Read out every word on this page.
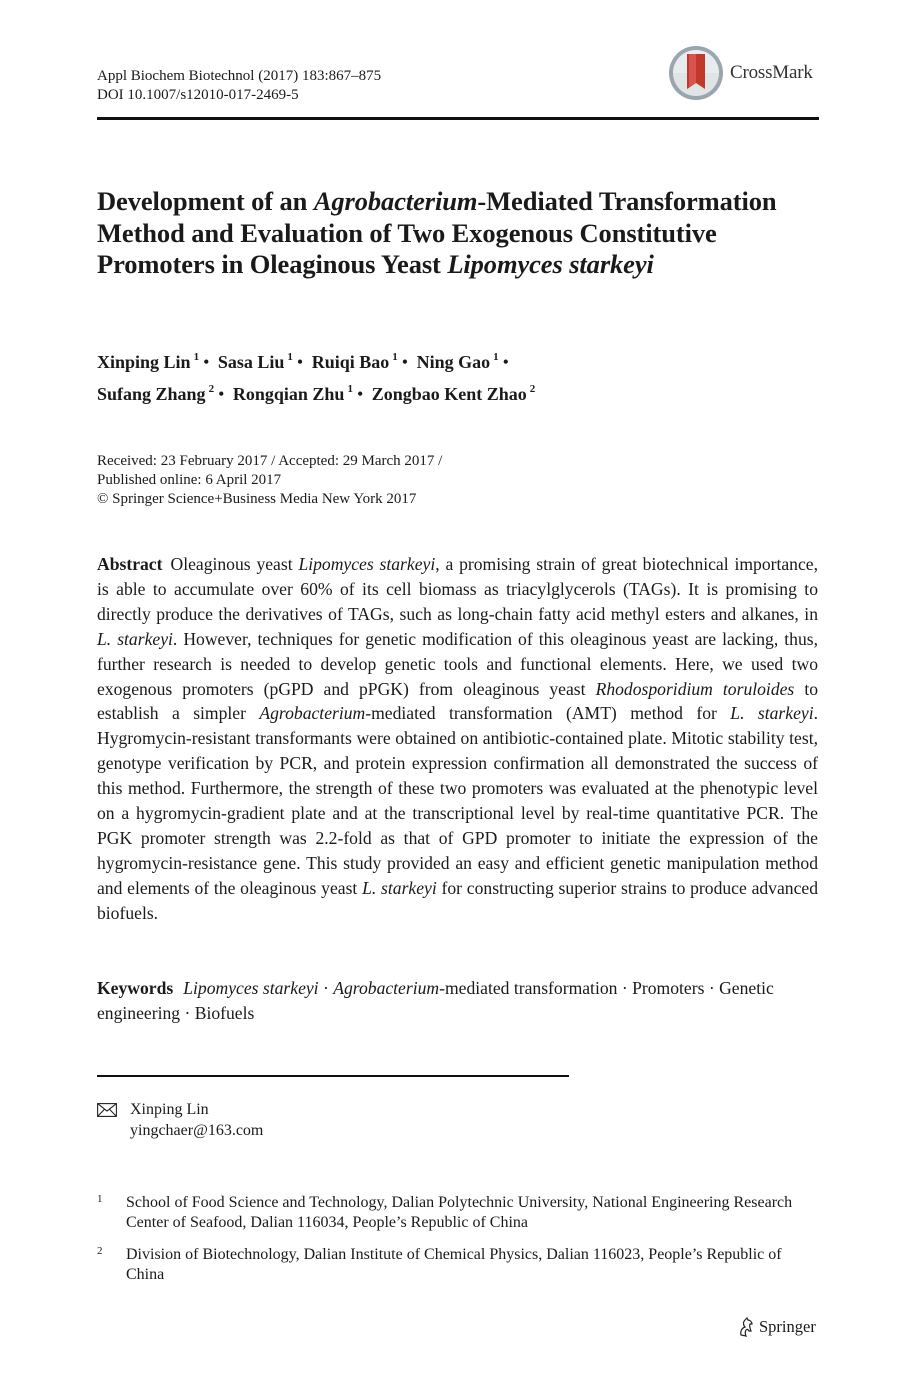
Appl Biochem Biotechnol (2017) 183:867–875
DOI 10.1007/s12010-017-2469-5
CrossMark
Development of an Agrobacterium-Mediated Transformation Method and Evaluation of Two Exogenous Constitutive Promoters in Oleaginous Yeast Lipomyces starkeyi
Xinping Lin $^1$ • Sasa Liu $^1$ • Ruiqi Bao $^1$ • Ning Gao $^1$ •
Sufang Zhang $^2$ • Rongqian Zhu $^1$ • Zongbao Kent Zhao $^2$
Received: 23 February 2017 / Accepted: 29 March 2017 /
Published online: 6 April 2017
© Springer Science+Business Media New York 2017
Abstract Oleaginous yeast Lipomyces starkeyi, a promising strain of great biotechnical importance, is able to accumulate over 60% of its cell biomass as triacylglycerols (TAGs). It is promising to directly produce the derivatives of TAGs, such as long-chain fatty acid methyl esters and alkanes, in L. starkeyi. However, techniques for genetic modification of this oleaginous yeast are lacking, thus, further research is needed to develop genetic tools and functional elements. Here, we used two exogenous promoters (pGPD and pPGK) from oleaginous yeast Rhodosporidium toruloides to establish a simpler Agrobacterium-mediated transformation (AMT) method for L. starkeyi. Hygromycin-resistant transformants were obtained on antibiotic-contained plate. Mitotic stability test, genotype verification by PCR, and protein expression confirmation all demonstrated the success of this method. Furthermore, the strength of these two promoters was evaluated at the phenotypic level on a hygromycin-gradient plate and at the transcriptional level by real-time quantitative PCR. The PGK promoter strength was 2.2-fold as that of GPD promoter to initiate the expression of the hygromycin-resistance gene. This study provided an easy and efficient genetic manipulation method and elements of the oleaginous yeast L. starkeyi for constructing superior strains to produce advanced biofuels.
Keywords Lipomyces starkeyi · Agrobacterium-mediated transformation · Promoters · Genetic engineering · Biofuels
Xinping Lin
yingchaer@163.com
1 School of Food Science and Technology, Dalian Polytechnic University, National Engineering Research Center of Seafood, Dalian 116034, People’s Republic of China
2 Division of Biotechnology, Dalian Institute of Chemical Physics, Dalian 116023, People’s Republic of China
Springer
